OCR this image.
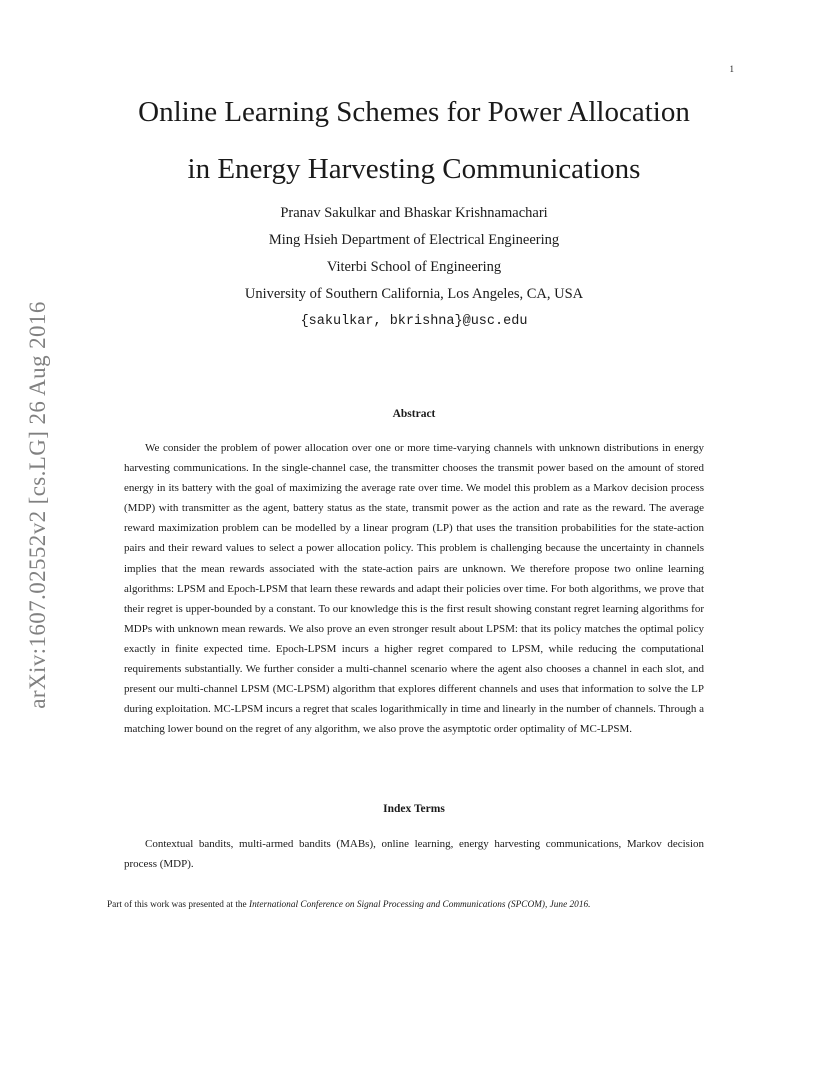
1
arXiv:1607.02552v2 [cs.LG] 26 Aug 2016
Online Learning Schemes for Power Allocation
in Energy Harvesting Communications
Pranav Sakulkar and Bhaskar Krishnamachari
Ming Hsieh Department of Electrical Engineering
Viterbi School of Engineering
University of Southern California, Los Angeles, CA, USA
{sakulkar, bkrishna}@usc.edu
Abstract

We consider the problem of power allocation over one or more time-varying channels with unknown distributions in energy harvesting communications. In the single-channel case, the transmitter chooses the transmit power based on the amount of stored energy in its battery with the goal of maximizing the average rate over time. We model this problem as a Markov decision process (MDP) with transmitter as the agent, battery status as the state, transmit power as the action and rate as the reward. The average reward maximization problem can be modelled by a linear program (LP) that uses the transition probabilities for the state-action pairs and their reward values to select a power allocation policy. This problem is challenging because the uncertainty in channels implies that the mean rewards associated with the state-action pairs are unknown. We therefore propose two online learning algorithms: LPSM and Epoch-LPSM that learn these rewards and adapt their policies over time. For both algorithms, we prove that their regret is upper-bounded by a constant. To our knowledge this is the first result showing constant regret learning algorithms for MDPs with unknown mean rewards. We also prove an even stronger result about LPSM: that its policy matches the optimal policy exactly in finite expected time. Epoch-LPSM incurs a higher regret compared to LPSM, while reducing the computational requirements substantially. We further consider a multi-channel scenario where the agent also chooses a channel in each slot, and present our multi-channel LPSM (MC-LPSM) algorithm that explores different channels and uses that information to solve the LP during exploitation. MC-LPSM incurs a regret that scales logarithmically in time and linearly in the number of channels. Through a matching lower bound on the regret of any algorithm, we also prove the asymptotic order optimality of MC-LPSM.

Index Terms

Contextual bandits, multi-armed bandits (MABs), online learning, energy harvesting communications, Markov decision process (MDP).

Part of this work was presented at the International Conference on Signal Processing and Communications (SPCOM), June 2016.
